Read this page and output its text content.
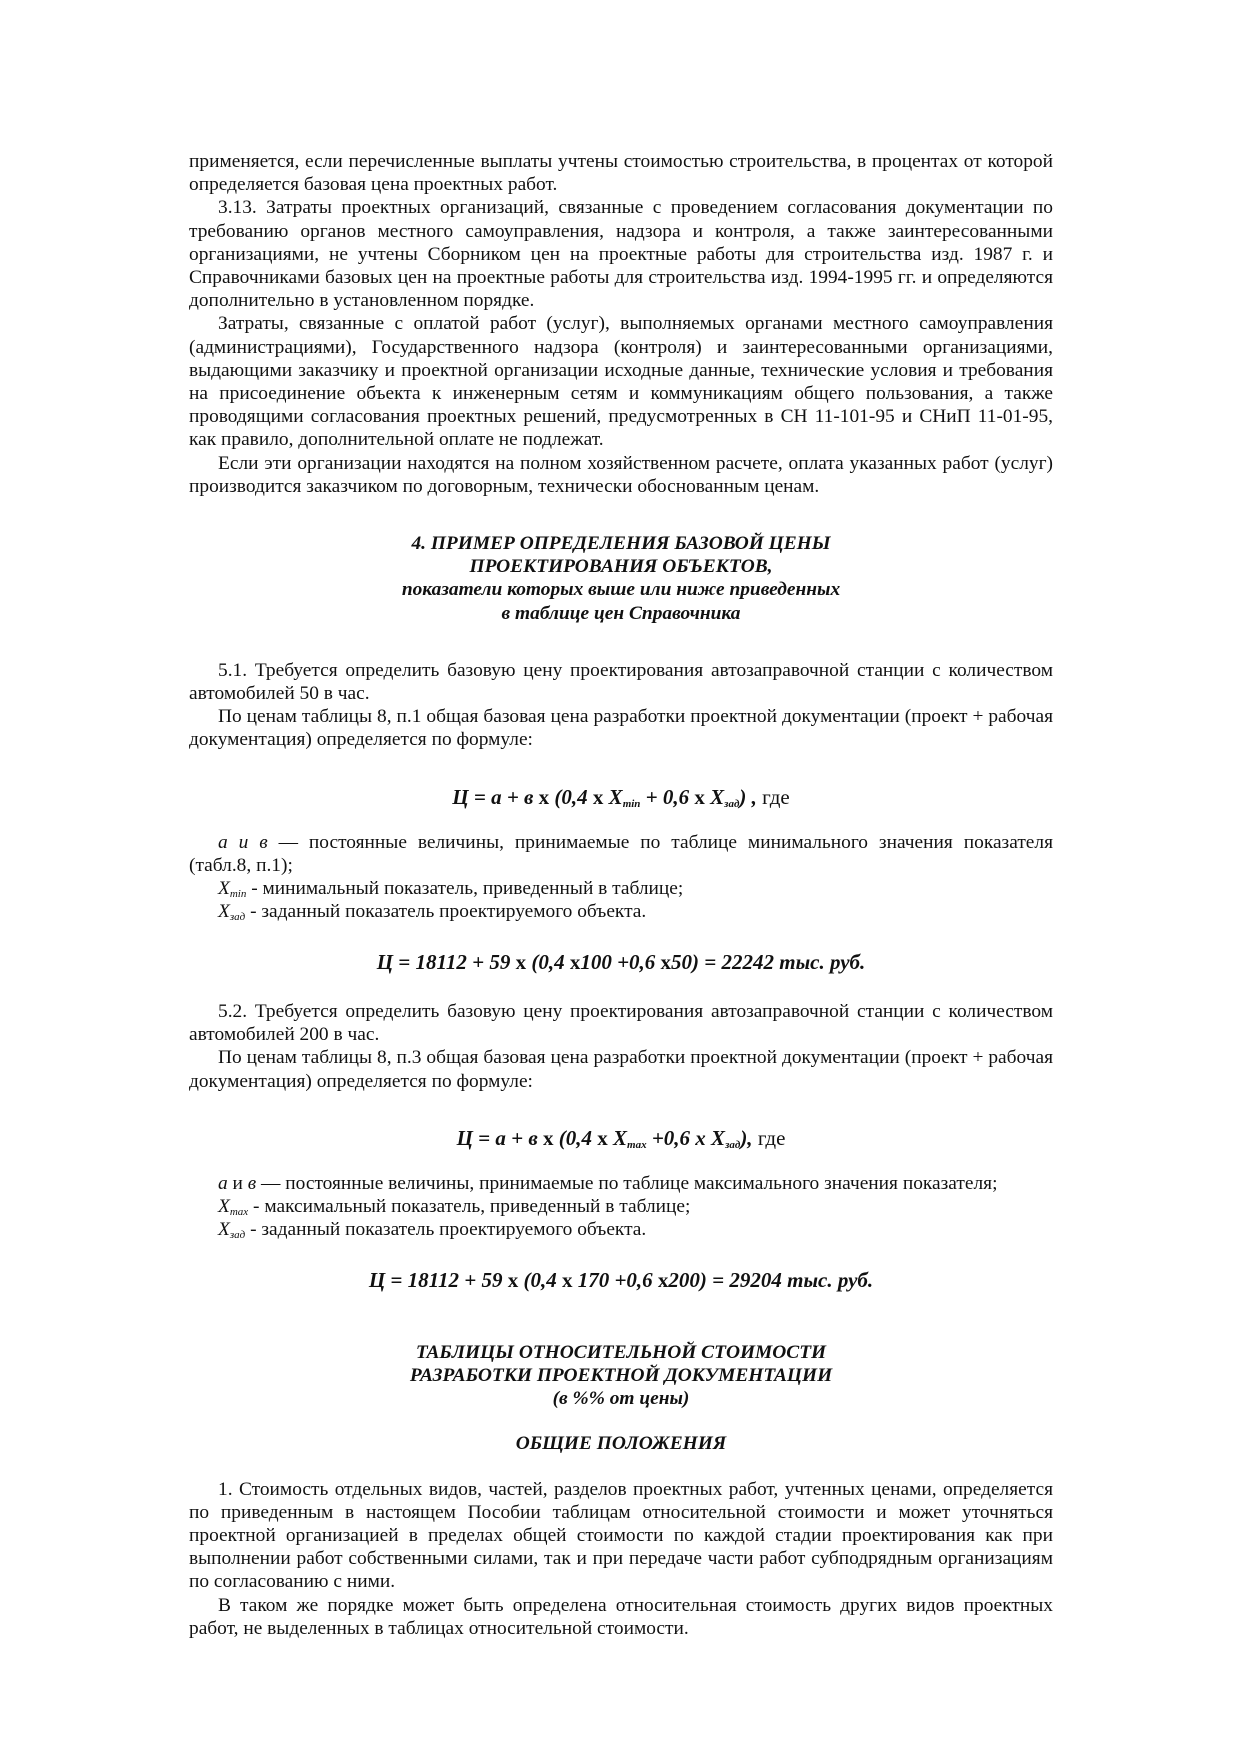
применяется, если перечисленные выплаты учтены стоимостью строительства, в процентах от которой определяется базовая цена проектных работ.

3.13. Затраты проектных организаций, связанные с проведением согласования документации по требованию органов местного самоуправления, надзора и контроля, а также заинтересованными организациями, не учтены Сборником цен на проектные работы для строительства изд. 1987 г. и Справочниками базовых цен на проектные работы для строительства изд. 1994-1995 гг. и определяются дополнительно в установленном порядке.

Затраты, связанные с оплатой работ (услуг), выполняемых органами местного самоуправления (администрациями), Государственного надзора (контроля) и заинтересованными организациями, выдающими заказчику и проектной организации исходные данные, технические условия и требования на присоединение объекта к инженерным сетям и коммуникациям общего пользования, а также проводящими согласования проектных решений, предусмотренных в СН 11-101-95 и СНиП 11-01-95, как правило, дополнительной оплате не подлежат.

Если эти организации находятся на полном хозяйственном расчете, оплата указанных работ (услуг) производится заказчиком по договорным, технически обоснованным ценам.

4. ПРИМЕР ОПРЕДЕЛЕНИЯ БАЗОВОЙ ЦЕНЫ

ПРОЕКТИРОВАНИЯ ОБЪЕКТОВ,

показатели которых выше или ниже приведенных

в таблице цен Справочника

5.1. Требуется определить базовую цену проектирования автозаправочной станции с количеством автомобилей 50 в час.

По ценам таблицы 8, п.1 общая базовая цена разработки проектной документации (проект + рабочая документация) определяется по формуле:

Ц = а + в х (0,4 х $X_{min} + 0,6$ х $X_{зад}$) , где

а и в — постоянные величины, принимаемые по таблице минимального значения показателя (табл.8, п.1);

$X_{min}$ - минимальный показатель, приведенный в таблице;

$X_{зад}$ - заданный показатель проектируемого объекта.

Ц = 18112 + 59 х (0,4 х100 +0,6 х50) = 22242 тыс. руб.

5.2. Требуется определить базовую цену проектирования автозаправочной станции с количеством автомобилей 200 в час.

По ценам таблицы 8, п.3 общая базовая цена разработки проектной документации (проект + рабочая документация) определяется по формуле:

Ц = а + в х (0,4 х $X_{max} +0,6$ х $X_{зад}$), где

а и в — постоянные величины, принимаемые по таблице максимального значения показателя;

$X_{max}$ - максимальный показатель, приведенный в таблице;

$X_{зад}$ - заданный показатель проектируемого объекта.

Ц = 18112 + 59 х (0,4 х 170 +0,6 х200) = 29204 тыс. руб.

ТАБЛИЦЫ ОТНОСИТЕЛЬНОЙ СТОИМОСТИ

РАЗРАБОТКИ ПРОЕКТНОЙ ДОКУМЕНТАЦИИ

(в %% от цены)

ОБЩИЕ ПОЛОЖЕНИЯ

1. Стоимость отдельных видов, частей, разделов проектных работ, учтенных ценами, определяется по приведенным в настоящем Пособии таблицам относительной стоимости и может уточняться проектной организацией в пределах общей стоимости по каждой стадии проектирования как при выполнении работ собственными силами, так и при передаче части работ субподрядным организациям по согласованию с ними.

В таком же порядке может быть определена относительная стоимость других видов проектных работ, не выделенных в таблицах относительной стоимости.
